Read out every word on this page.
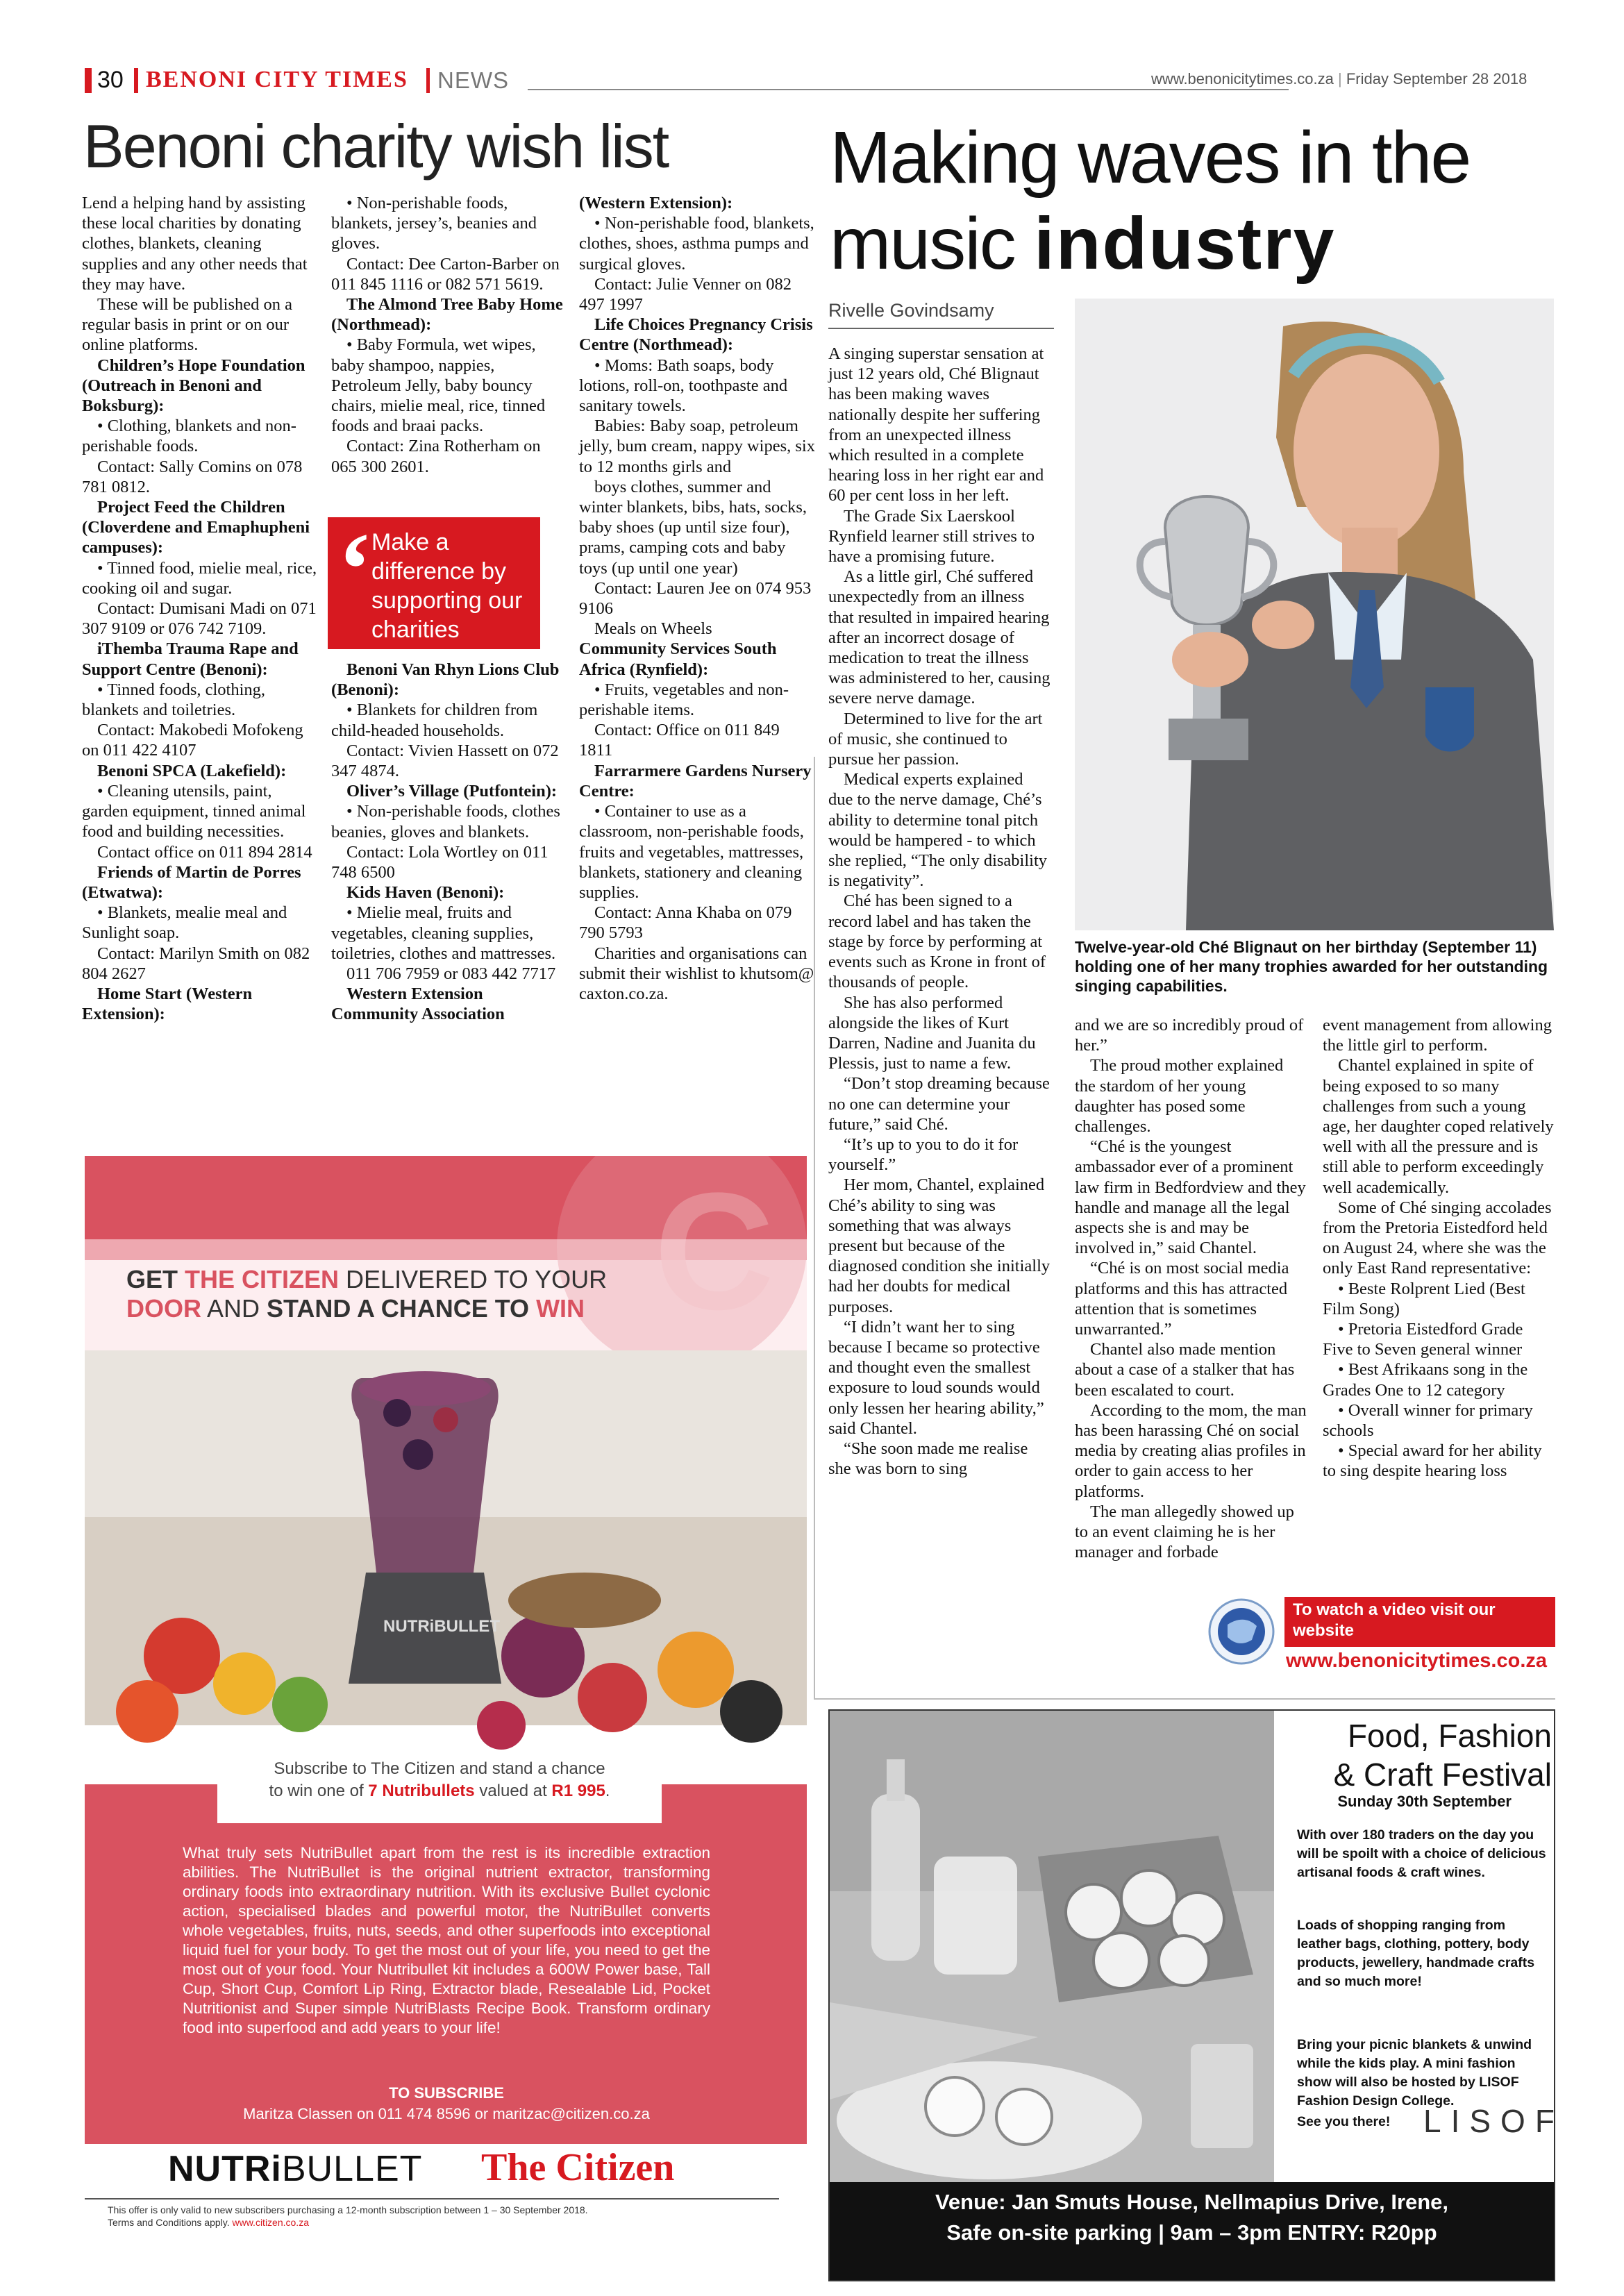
30 BENONI CITY TIMES NEWS	www.benonicitytimes.co.za | Friday September 28 2018
Benoni charity wish list

Lend a helping hand by assisting these local charities by donating clothes, blankets, cleaning supplies and any other needs that they may have.

These will be published on a regular basis in print or on our online platforms.

Children’s Hope Foundation (Outreach in Benoni and Boksburg):

• Clothing, blankets and non-perishable foods.

Contact: Sally Comins on 078 781 0812.

Project Feed the Children (Cloverdene and Emaphupheni campuses):

• Tinned food, mielie meal, rice, cooking oil and sugar.

Contact: Dumisani Madi on 071 307 9109 or 076 742 7109.

iThemba Trauma Rape and Support Centre (Benoni):

• Tinned foods, clothing, blankets and toiletries.

Contact: Makobedi Mofokeng on 011 422 4107

Benoni SPCA (Lakefield):

• Cleaning utensils, paint, garden equipment, tinned animal food and building necessities.

Contact office on 011 894 2814

Friends of Martin de Porres (Etwatwa):

• Blankets, mealie meal and Sunlight soap.

Contact: Marilyn Smith on 082 804 2627

Home Start (Western Extension):

• Non-perishable foods, blankets, jersey’s, beanies and gloves.

Contact: Dee Carton-Barber on 011 845 1116 or 082 571 5619.

The Almond Tree Baby Home (Northmead):

• Baby Formula, wet wipes, baby shampoo, nappies, Petroleum Jelly, baby bouncy chairs, mielie meal, rice, tinned foods and braai packs.

Contact: Zina Rotherham on 065 300 2601.

‘ Make a difference by supporting our charities

Benoni Van Rhyn Lions Club (Benoni):

• Blankets for children from child-headed households.

Contact: Vivien Hassett on 072 347 4874.

Oliver’s Village (Putfontein):

• Non-perishable foods, clothes beanies, gloves and blankets.

Contact: Lola Wortley on 011 748 6500

Kids Haven (Benoni):

• Mielie meal, fruits and vegetables, cleaning supplies, toiletries, clothes and mattresses.

011 706 7959 or 083 442 7717

Western Extension Community Association

(Western Extension):

• Non-perishable food, blankets, clothes, shoes, asthma pumps and surgical gloves.

Contact: Julie Venner on 082 497 1997

Life Choices Pregnancy Crisis Centre (Northmead):

• Moms: Bath soaps, body lotions, roll-on, toothpaste and sanitary towels.

Babies: Baby soap, petroleum jelly, bum cream, nappy wipes, six to 12 months girls and

boys clothes, summer and winter blankets, bibs, hats, socks, baby shoes (up until size four), prams, camping cots and baby toys (up until one year)

Contact: Lauren Jee on 074 953 9106

Meals on Wheels

Community Services South Africa (Rynfield):

• Fruits, vegetables and non-perishable items.

Contact: Office on 011 849 1811

Farrarmere Gardens Nursery Centre:

• Container to use as a classroom, non-perishable foods, fruits and vegetables, mattresses, blankets, stationery and cleaning supplies.

Contact: Anna Khaba on 079 790 5793

Charities and organisations can submit their wishlist to khutsom@ caxton.co.za.

Making waves in the
music industry
Rivelle Govindsamy
Twelve-year-old Ché Blignaut on her birthday (September 11) holding one of her many trophies awarded for her outstanding singing capabilities.

A singing superstar sensation at just 12 years old, Ché Blignaut has been making waves nationally despite her suffering from an unexpected illness which resulted in a complete hearing loss in her right ear and 60 per cent loss in her left.

The Grade Six Laerskool Rynfield learner still strives to have a promising future.

As a little girl, Ché suffered unexpectedly from an illness that resulted in impaired hearing after an incorrect dosage of medication to treat the illness was administered to her, causing severe nerve damage.

Determined to live for the art of music, she continued to pursue her passion.

Medical experts explained due to the nerve damage, Ché’s ability to determine tonal pitch would be hampered - to which she replied, “The only disability is negativity”.

Ché has been signed to a record label and has taken the stage by force by performing at events such as Krone in front of thousands of people.

She has also performed alongside the likes of Kurt Darren, Nadine and Juanita du Plessis, just to name a few.

“Don’t stop dreaming because no one can determine your future,” said Ché.

“It’s up to you to do it for yourself.”

Her mom, Chantel, explained Ché’s ability to sing was something that was always present but because of the diagnosed condition she initially had her doubts for medical purposes.

“I didn’t want her to sing because I became so protective and thought even the smallest exposure to loud sounds would only lessen her hearing ability,” said Chantel.

“She soon made me realise she was born to sing

and we are so incredibly proud of her.”

The proud mother explained the stardom of her young daughter has posed some challenges.

“Ché is the youngest ambassador ever of a prominent law firm in Bedfordview and they handle and manage all the legal aspects she is and may be involved in,” said Chantel.

“Ché is on most social media platforms and this has attracted attention that is sometimes unwarranted.”

Chantel also made mention about a case of a stalker that has been escalated to court.

According to the mom, the man has been harassing Ché on social media by creating alias profiles in order to gain access to her platforms.

The man allegedly showed up to an event claiming he is her manager and forbade

event management from allowing the little girl to perform.

Chantel explained in spite of being exposed to so many challenges from such a young age, her daughter coped relatively well with all the pressure and is still able to perform exceedingly well academically.

Some of Ché singing accolades from the Pretoria Eistedford held on August 24, where she was the only East Rand representative:

• Beste Rolprent Lied (Best Film Song)

• Pretoria Eistedford Grade Five to Seven general winner

• Best Afrikaans song in the Grades One to 12 category

• Overall winner for primary schools

• Special award for her ability to sing despite hearing loss

To watch a video visit our website
www.benonicitytimes.co.za
NUTRiBULLET
GET THE CITIZEN DELIVERED TO YOUR
DOOR AND STAND A CHANCE TO WIN
Subscribe to The Citizen and stand a chance
to win one of 7 Nutribullets valued at R1 995.
What truly sets NutriBullet apart from the rest is its incredible extraction abilities. The NutriBullet is the original nutrient extractor, transforming ordinary foods into extraordinary nutrition. With its exclusive Bullet cyclonic action, specialised blades and powerful motor, the NutriBullet converts whole vegetables, fruits, nuts, seeds, and other superfoods into exceptional liquid fuel for your body. To get the most out of your life, you need to get the most out of your food. Your Nutribullet kit includes a 600W Power base, Tall Cup, Short Cup, Comfort Lip Ring, Extractor blade, Resealable Lid, Pocket Nutritionist and Super simple NutriBlasts Recipe Book. Transform ordinary food into superfood and add years to your life!
TO SUBSCRIBE
Maritza Classen on 011 474 8596 or maritzac@citizen.co.za
NUTRiBULLET The Citizen
This offer is only valid to new subscribers purchasing a 12-month subscription between 1 – 30 September 2018.
Terms and Conditions apply. www.citizen.co.za
Food, Fashion
& Craft Festival
Sunday 30th September
With over 180 traders on the day you will be spoilt with a choice of delicious artisanal foods & craft wines.
Loads of shopping ranging from leather bags, clothing, pottery, body products, jewellery, handmade crafts and so much more!
Bring your picnic blankets & unwind while the kids play. A mini fashion show will also be hosted by LISOF Fashion Design College.
See you there! LISOF
Venue: Jan Smuts House, Nellmapius Drive, Irene,
Safe on-site parking | 9am – 3pm ENTRY: R20pp
